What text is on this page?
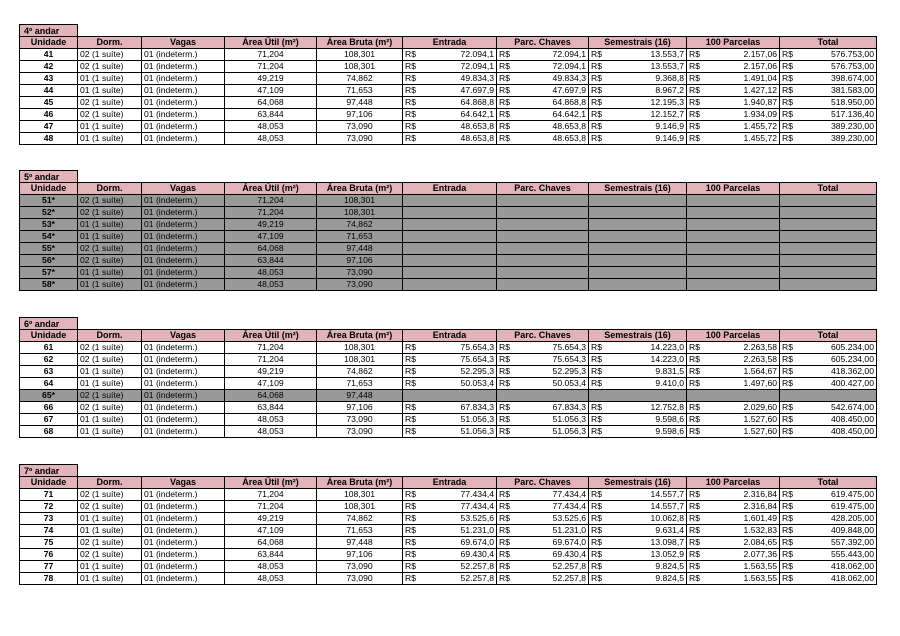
4º andar
Unidade	Dorm.	Vagas	Área Útil (m²)	Área Bruta (m²)	Entrada	Parc. Chaves	Semestrais (16)	100 Parcelas	Total
41	02 (1 suíte)	01 (indeterm.)	71,204	108,301	R$ 72.094,1	R$ 72.094,1	R$ 13.553,7	R$ 2.157,06	R$ 576.753,00

42	02 (1 suíte)	01 (indeterm.)	71,204	108,301	R$ 72.094,1	R$ 72.094,1	R$ 13.553,7	R$ 2.157,06	R$ 576.753,00

43	01 (1 suíte)	01 (indeterm.)	49,219	74,862	R$ 49.834,3	R$ 49.834,3	R$ 9.368,8	R$ 1.491,04	R$ 398.674,00

44	01 (1 suíte)	01 (indeterm.)	47,109	71,653	R$ 47.697,9	R$ 47.697,9	R$ 8.967,2	R$ 1.427,12	R$ 381.583,00

45	02 (1 suíte)	01 (indeterm.)	64,068	97,448	R$ 64.868,8	R$ 64.868,8	R$ 12.195,3	R$ 1.940,87	R$ 518.950,00

46	02 (1 suíte)	01 (indeterm.)	63,844	97,106	R$ 64.642,1	R$ 64.642,1	R$ 12.152,7	R$ 1.934,09	R$ 517.136,40

47	01 (1 suíte)	01 (indeterm.)	48,053	73,090	R$ 48.653,8	R$ 48.653,8	R$ 9.146,9	R$ 1.455,72	R$ 389.230,00

48	01 (1 suíte)	01 (indeterm.)	48,053	73,090	R$ 48.653,8	R$ 48.653,8	R$ 9.146,9	R$ 1.455,72	R$ 389.230,00
5º andar
Unidade	Dorm.	Vagas	Área Útil (m²)	Área Bruta (m²)	Entrada	Parc. Chaves	Semestrais (16)	100 Parcelas	Total
51*	02 (1 suíte)	01 (indeterm.)	71,204	108,301					
52*	02 (1 suíte)	01 (indeterm.)	71,204	108,301					
53*	01 (1 suíte)	01 (indeterm.)	49,219	74,862					
54*	01 (1 suíte)	01 (indeterm.)	47,109	71,653					
55*	02 (1 suíte)	01 (indeterm.)	64,068	97,448					
56*	02 (1 suíte)	01 (indeterm.)	63,844	97,106					
57*	01 (1 suíte)	01 (indeterm.)	48,053	73,090					
58*	01 (1 suíte)	01 (indeterm.)	48,053	73,090					
6º andar
Unidade	Dorm.	Vagas	Área Útil (m²)	Área Bruta (m²)	Entrada	Parc. Chaves	Semestrais (16)	100 Parcelas	Total
61	02 (1 suíte)	01 (indeterm.)	71,204	108,301	R$ 75.654,3	R$ 75.654,3	R$ 14.223,0	R$ 2.263,58	R$ 605.234,00

62	02 (1 suíte)	01 (indeterm.)	71,204	108,301	R$ 75.654,3	R$ 75.654,3	R$ 14.223,0	R$ 2.263,58	R$ 605.234,00

63	01 (1 suíte)	01 (indeterm.)	49,219	74,862	R$ 52.295,3	R$ 52.295,3	R$ 9.831,5	R$ 1.564,67	R$ 418.362,00

64	01 (1 suíte)	01 (indeterm.)	47,109	71,653	R$ 50.053,4	R$ 50.053,4	R$ 9.410,0	R$ 1.497,60	R$ 400.427,00

65*	02 (1 suíte)	01 (indeterm.)	64,068	97,448					
66	02 (1 suíte)	01 (indeterm.)	63,844	97,106	R$ 67.834,3	R$ 67.834,3	R$ 12.752,8	R$ 2.029,60	R$ 542.674,00

67	01 (1 suíte)	01 (indeterm.)	48,053	73,090	R$ 51.056,3	R$ 51.056,3	R$ 9.598,6	R$ 1.527,60	R$ 408.450,00

68	01 (1 suíte)	01 (indeterm.)	48,053	73,090	R$ 51.056,3	R$ 51.056,3	R$ 9.598,6	R$ 1.527,60	R$ 408.450,00
7º andar
Unidade	Dorm.	Vagas	Área Útil (m²)	Área Bruta (m²)	Entrada	Parc. Chaves	Semestrais (16)	100 Parcelas	Total
71	02 (1 suíte)	01 (indeterm.)	71,204	108,301	R$ 77.434,4	R$ 77.434,4	R$ 14.557,7	R$ 2.316,84	R$ 619.475,00

72	02 (1 suíte)	01 (indeterm.)	71,204	108,301	R$ 77.434,4	R$ 77.434,4	R$ 14.557,7	R$ 2.316,84	R$ 619.475,00

73	01 (1 suíte)	01 (indeterm.)	49,219	74,862	R$ 53.525,6	R$ 53.525,6	R$ 10.062,8	R$ 1.601,49	R$ 428.205,00

74	01 (1 suíte)	01 (indeterm.)	47,109	71,653	R$ 51.231,0	R$ 51.231,0	R$ 9.631,4	R$ 1.532,83	R$ 409.848,00

75	02 (1 suíte)	01 (indeterm.)	64,068	97,448	R$ 69.674,0	R$ 69.674,0	R$ 13.098,7	R$ 2.084,65	R$ 557.392,00

76	02 (1 suíte)	01 (indeterm.)	63,844	97,106	R$ 69.430,4	R$ 69.430,4	R$ 13.052,9	R$ 2.077,36	R$ 555.443,00

77	01 (1 suíte)	01 (indeterm.)	48,053	73,090	R$ 52.257,8	R$ 52.257,8	R$ 9.824,5	R$ 1.563,55	R$ 418.062,00

78	01 (1 suíte)	01 (indeterm.)	48,053	73,090	R$ 52.257,8	R$ 52.257,8	R$ 9.824,5	R$ 1.563,55	R$ 418.062,00
